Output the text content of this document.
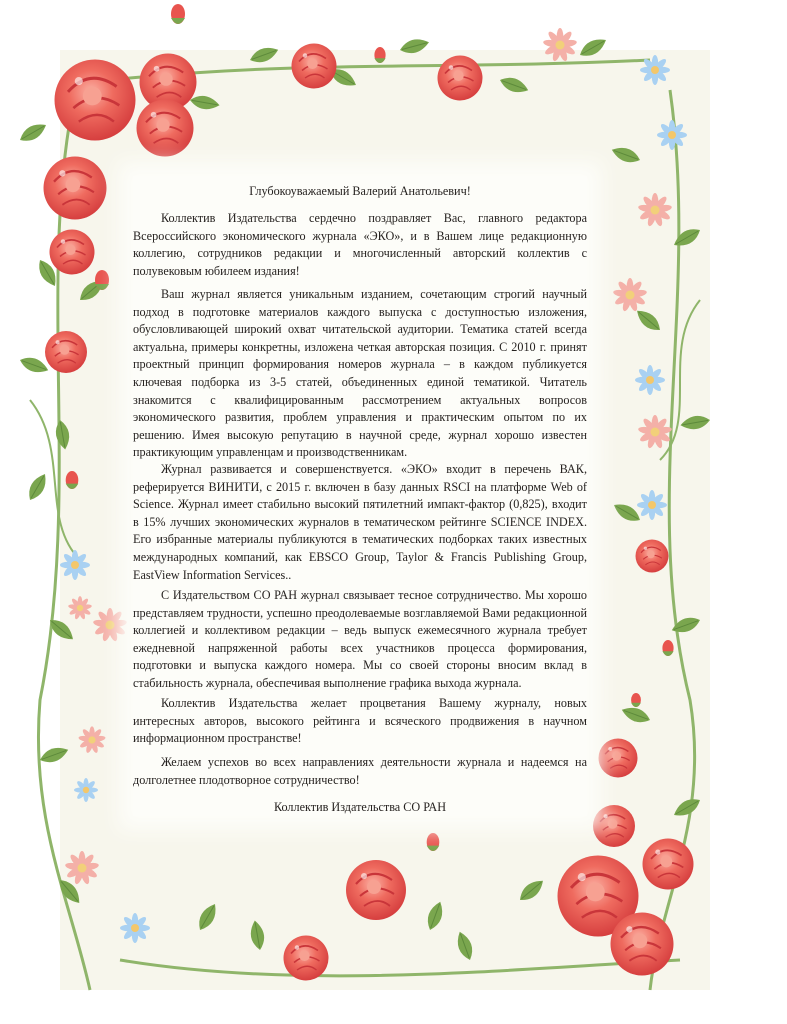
Глубокоуважаемый Валерий Анатольевич!

Коллектив Издательства сердечно поздравляет Вас, главного редактора Всероссийского экономического журнала «ЭКО», и в Вашем лице редакционную коллегию, сотрудников редакции и многочисленный авторский коллектив с полувековым юбилеем издания!

Ваш журнал является уникальным изданием, сочетающим строгий научный подход в подготовке материалов каждого выпуска с доступностью изложения, обусловливающей широкий охват читательской аудитории. Тематика статей всегда актуальна, примеры конкретны, изложена четкая авторская позиция. С 2010 г. принят проектный принцип формирования номеров журнала – в каждом публикуется ключевая подборка из 3-5 статей, объединенных единой тематикой. Читатель знакомится с квалифицированным рассмотрением актуальных вопросов экономического развития, проблем управления и практическим опытом по их решению. Имея высокую репутацию в научной среде, журнал хорошо известен практикующим управленцам и производственникам.

Журнал развивается и совершенствуется. «ЭКО» входит в перечень ВАК, реферируется ВИНИТИ, с 2015 г. включен в базу данных RSCI на платформе Web of Science. Журнал имеет стабильно высокий пятилетний импакт-фактор (0,825), входит в 15% лучших экономических журналов в тематическом рейтинге SCIENCE INDEX. Его избранные материалы публикуются в тематических подборках таких известных международных компаний, как EBSCO Group, Taylor & Francis Publishing Group, EastView Information Services..

С Издательством СО РАН журнал связывает тесное сотрудничество. Мы хорошо представляем трудности, успешно преодолеваемые возглавляемой Вами редакционной коллегией и коллективом редакции – ведь выпуск ежемесячного журнала требует ежедневной напряженной работы всех участников процесса формирования, подготовки и выпуска каждого номера. Мы со своей стороны вносим вклад в стабильность журнала, обеспечивая выполнение графика выхода журнала.

Коллектив Издательства желает процветания Вашему журналу, новых интересных авторов, высокого рейтинга и всяческого продвижения в научном информационном пространстве!

Желаем успехов во всех направлениях деятельности журнала и надеемся на долголетнее плодотворное сотрудничество!

Коллектив Издательства СО РАН
